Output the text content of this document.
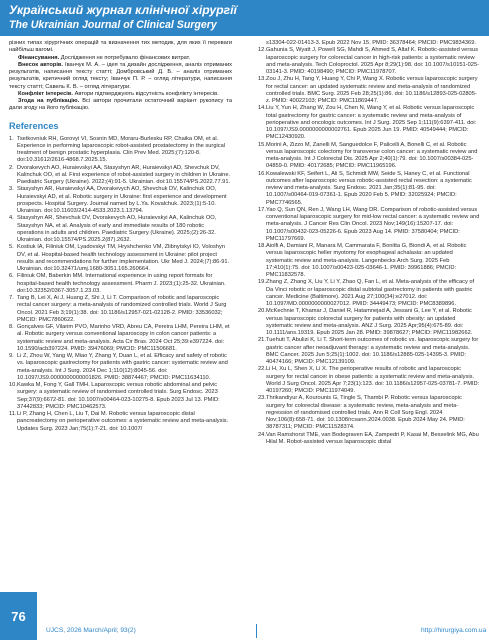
Український журнал клінічної хірургії
The Ukrainian Journal of Clinical Surgery

різних типах хірургічних операцій та визначення тих методик, для яких її переваги найбільш вагомі.

Фінансування. Дослідження не потребувало фінансових витрат.

Внесок авторів. Іванчук М. А. – ідея та дизайн дослідження, аналіз отриманих результатів, написання тексту статті; Домбровський Д. Б. – аналіз отриманих результатів, критичний огляд тексту; Іванчук П. Р. – огляд літератури, написання тексту статті; Савель К. В. – огляд літератури.

Конфлікт інтересів. Автори підтверджують відсутність конфлікту інтересів.

Згода на публікацію. Всі автори прочитали остаточний варіант рукопису та дали згоду на його публікацію.

References
1. Tsetkovniuk RH, Gorovyi VI, Sosnin MD, Moraru-Burlesku RP, Chaika OM, et al. Experience in performing laparoscopic robot-assisted prostatectomy in the surgical treatment of benign prostatic hyperplasia. Clin Prev Med. 2025;(7):120-8. doi:10.31612/2616-4868.7.2025.15.
2. Dvorakevych AO, Huraievskyi AA, Stasyshyn AR, Huraievskyi AD, Shevchuk DV, Kalinchuk OO, et al. First experience of robot-assisted surgery in children in Ukraine. Paediatric Surgery (Ukraine). 2022;(4):91-5. Ukrainian. doi:10.15574/PS.2022.77.91.
3. Stasyshyn AR, Huraievskyi AA, Dvorakevych AO, Shevchuk DV, Kalinchuk OO, Huraievskyi AD, et al. Robotic surgery in Ukraine: first experience and development prospects. Hospital Surgery. Journal named by L.Ya. Kovalchuk. 2023;(1):5-10. Ukrainian. doi:10.11603/2414-4533.2023.1.13794.
4. Stasyshyn AR, Shevchuk DV, Dvorakevych AO, Huraievskyi AA, Kalinchuk OO, Stasyshyn NA, et al. Analysis of early and immediate results of 180 robotic operations in adults and children. Paediatric Surgery (Ukraine). 2025;(2):26-32. Ukrainian. doi:10.15574/PS.2025.2(87).2632.
5. Kostiuk IA, Filiniuk OM, Lyadovskyi TM, Hryshchenko VM, Zlibnytskyi IO, Voloshyn DV, et al. Hospital-based health technology assessment in Ukraine: pilot project results and recommendations for further implementation. Ukr Med J. 2024;(7):86-91. Ukrainian. doi:10.32471/umj.1680-3051.165.260664.
6. Filiniuk OM, Baberkin MM. International experience in using report formats for hospital-based health technology assessment. Pharm J. 2023;(1):25-32. Ukrainian. doi:10.32352/0367-3057.1.23.03.
7. Tang B, Lei X, Ai J, Huang Z, Shi J, Li T. Comparison of robotic and laparoscopic rectal cancer surgery: a meta-analysis of randomized controlled trials. World J Surg Oncol. 2021 Feb 3;19(1):38. doi: 10.1186/s12957-021-02128-2. PMID: 33536032; PMCID: PMC7860622.
8. Gonçalves GF, Vilarim PVO, Marinho VRD, Abreu CA, Pereira LHM, Pereira LHM, et al. Robotic surgery versus conventional laparoscopy in colon cancer patients: a systematic review and meta-analysis. Acta Cir Bras. 2024 Oct 25;39:e397224. doi: 10.1590/acb397224. PMID: 39476069; PMCID: PMC11506681.
9. Li Z, Zhou W, Yang W, Miao Y, Zhang Y, Duan L, et al. Efficacy and safety of robotic vs. laparoscopic gastrectomy for patients with gastric cancer: systematic review and meta-analysis. Int J Surg. 2024 Dec 1;110(12):8045-56. doi: 10.1097/JS9.0000000000001826. PMID: 38874467; PMCID: PMC11634110.
10. Kawka M, Fong Y, Gall TMH. Laparoscopic versus robotic abdominal and pelvic surgery: a systematic review of randomised controlled trials. Surg Endosc. 2023 Sep;37(9):6672-81. doi: 10.1007/s00464-023-10275-8. Epub 2023 Jul 13. PMID: 37442833; PMCID: PMC10462573.
11. Li P, Zhang H, Chen L, Liu T, Dai M. Robotic versus laparoscopic distal pancreatectomy on perioperative outcomes: a systematic review and meta-analysis. Updates Surg. 2023 Jan;75(1):7-21. doi: 10.1007/
s13304-022-01413-3. Epub 2022 Nov 15. PMID: 36378464; PMCID: PMC9834369.
12. Gahunia S, Wyatt J, Powell SG, Mahdi S, Ahmed S, Altaf K. Robotic-assisted versus laparoscopic surgery for colorectal cancer in high-risk patients: a systematic review and meta-analysis. Tech Coloproctol. 2025 Apr 8;29(1):98. doi: 10.1007/s10151-025-03141-3. PMID: 40198490; PMCID: PMC11978707.
13. Zou J, Zhu H, Tang Y, Huang Y, Chi P, Wang X. Robotic versus laparoscopic surgery for rectal cancer: an updated systematic review and meta-analysis of randomized controlled trials. BMC Surg. 2025 Feb 28;25(1):86. doi: 10.1186/s12893-025-02805-z. PMID: 40022103; PMCID: PMC11869447.
14. Liu Y, Yun H, Zhang W, Zou H, Chen N, Wang Y, et al. Robotic versus laparoscopic total gastrectomy for gastric cancer: a systematic review and meta-analysis of perioperative and oncologic outcomes. Int J Surg. 2025 Sep 1;111(9):6397-411. doi: 10.1097/JS9.0000000000002761. Epub 2025 Jun 19. PMID: 40549444; PMCID: PMC12430920.
15. Morini A, Zizzo M, Zanelli M, Sanguedolce F, Palicelli A, Bonelli C, et al. Robotic versus laparoscopic colectomy for transverse colon cancer: a systematic review and meta-analysis. Int J Colorectal Dis. 2025 Apr 2;40(1):79. doi: 10.1007/s00384-025-04859-0. PMID: 40172685; PMCID: PMC11965196.
16. Kowalewski KF, Seifert L, Ali S, Schmidt MW, Seide S, Haney C, et al. Functional outcomes after laparoscopic versus robotic-assisted rectal resection: a systematic review and meta-analysis. Surg Endosc. 2021 Jan;35(1):81-95. doi: 10.1007/s00464-019-07361-1. Epub 2020 Feb 5. PMID: 32025924; PMCID: PMC7746565.
17. Yao Q, Sun QN, Ren J, Wang LH, Wang DR. Comparison of robotic-assisted versus conventional laparoscopic surgery for mid-low rectal cancer: a systematic review and meta-analysis. J Cancer Res Clin Oncol. 2023 Nov;149(16):15207-17. doi: 10.1007/s00432-023-05226-6. Epub 2023 Aug 14. PMID: 37580404; PMCID: PMC11797669.
18. Aiolfi A, Damiani R, Manara M, Cammarata F, Bonitta G, Biondi A, et al. Robotic versus laparoscopic heller myotomy for esophageal achalasia: an updated systematic review and meta-analysis. Langenbecks Arch Surg. 2025 Feb 17;410(1):75. doi: 10.1007/s00423-025-03646-1. PMID: 39961886; PMCID: PMC11832578.
19. Zhang Z, Zhang X, Liu Y, Li Y, Zhao Q, Fan L, et al. Meta-analysis of the efficacy of Da Vinci robotic or laparoscopic distal subtotal gastrectomy in patients with gastric cancer. Medicine (Baltimore). 2021 Aug 27;100(34):e27012. doi: 10.1097/MD.0000000000027012. PMID: 34449473; PMCID: PMC8389896.
20. McKechnie T, Khamar J, Daniel R, Hatamnejad A, Jessani G, Lee Y, et al. Robotic versus laparoscopic colorectal surgery for patients with obesity: an updated systematic review and meta-analysis. ANZ J Surg. 2025 Apr;95(4):675-89. doi: 10.1111/ans.19319. Epub 2025 Jan 28. PMID: 39878627; PMCID: PMC11982662.
21. Tuehuti T, Abulizi K, Li T. Short-term outcomes of robotic vs. laparoscopic surgery for gastric cancer after neoadjuvant therapy: a systematic review and meta-analysis. BMC Cancer. 2025 Jun 5;25(1):1002. doi: 10.1186/s12885-025-14395-3. PMID: 40474166; PMCID: PMC12139109.
22. Li H, Xu L, Shen X, Li X. The perioperative results of robotic and laparoscopic surgery for rectal cancer in obese patients: a systematic review and meta-analysis. World J Surg Oncol. 2025 Apr 7;23(1):123. doi: 10.1186/s12957-025-03781-7. PMID: 40197260; PMCID: PMC11974049.
23. Thrikandiyur A, Kourounis G, Tingle S, Thambi P. Robotic versus laparoscopic surgery for colorectal disease: a systematic review, meta-analysis and meta-regression of randomised controlled trials. Ann R Coll Surg Engl. 2024 Nov;106(8):658-71. doi: 10.1308/rcsann.2024.0038. Epub 2024 May 24. PMID: 38787311; PMCID: PMC11528374.
24. Van Ramshorst TME, van Bodegraven EA, Zampedri P, Kasai M, Besselink MG, Abu Hilal M. Robot-assisted versus laparoscopic distal
76
UJCS, 2026 March/April; 93(2)	http://hirurgiya.com.ua
